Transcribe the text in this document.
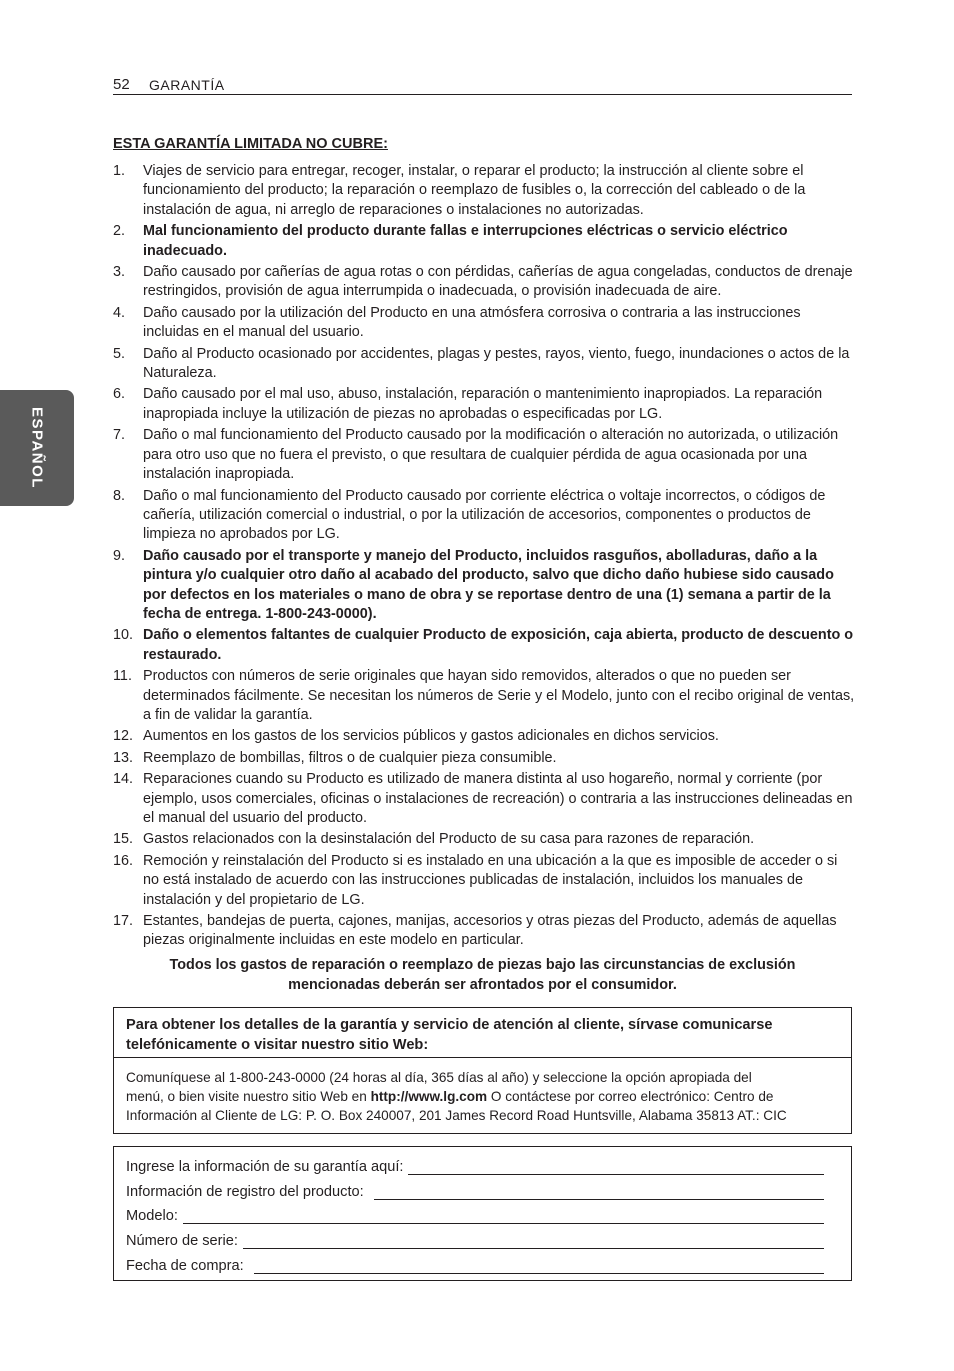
52 GARANTÍA
ESPAÑOL
ESTA GARANTÍA LIMITADA NO CUBRE:
1. Viajes de servicio para entregar, recoger, instalar, o reparar el producto; la instrucción al cliente sobre el funcionamiento del producto; la reparación o reemplazo de fusibles o, la corrección del cableado o de la instalación de agua, ni arreglo de reparaciones o instalaciones no autorizadas.
2. Mal funcionamiento del producto durante fallas e interrupciones eléctricas o servicio eléctrico inadecuado.
3. Daño causado por cañerías de agua rotas o con pérdidas, cañerías de agua congeladas, conductos de drenaje restringidos, provisión de agua interrumpida o inadecuada, o provisión inadecuada de aire.
4. Daño causado por la utilización del Producto en una atmósfera corrosiva o contraria a las instrucciones incluidas en el manual del usuario.
5. Daño al Producto ocasionado por accidentes, plagas y pestes, rayos, viento, fuego, inundaciones o actos de la Naturaleza.
6. Daño causado por el mal uso, abuso, instalación, reparación o mantenimiento inapropiados. La reparación inapropiada incluye la utilización de piezas no aprobadas o especificadas por LG.
7. Daño o mal funcionamiento del Producto causado por la modificación o alteración no autorizada, o utilización para otro uso que no fuera el previsto, o que resultara de cualquier pérdida de agua ocasionada por una instalación inapropiada.
8. Daño o mal funcionamiento del Producto causado por corriente eléctrica o voltaje incorrectos, o códigos de cañería, utilización comercial o industrial, o por la utilización de accesorios, componentes o productos de limpieza no aprobados por LG.
9. Daño causado por el transporte y manejo del Producto, incluidos rasguños, abolladuras, daño a la pintura y/o cualquier otro daño al acabado del producto, salvo que dicho daño hubiese sido causado por defectos en los materiales o mano de obra y se reportase dentro de una (1) semana a partir de la fecha de entrega. 1-800-243-0000).
10. Daño o elementos faltantes de cualquier Producto de exposición, caja abierta, producto de descuento o restaurado.
11. Productos con números de serie originales que hayan sido removidos, alterados o que no pueden ser determinados fácilmente. Se necesitan los números de Serie y el Modelo, junto con el recibo original de ventas, a fin de validar la garantía.
12. Aumentos en los gastos de los servicios públicos y gastos adicionales en dichos servicios.
13. Reemplazo de bombillas, filtros o de cualquier pieza consumible.
14. Reparaciones cuando su Producto es utilizado de manera distinta al uso hogareño, normal y corriente (por ejemplo, usos comerciales, oficinas o instalaciones de recreación) o contraria a las instrucciones delineadas en el manual del usuario del producto.
15. Gastos relacionados con la desinstalación del Producto de su casa para razones de reparación.
16. Remoción y reinstalación del Producto si es instalado en una ubicación a la que es imposible de acceder o si no está instalado de acuerdo con las instrucciones publicadas de instalación, incluidos los manuales de instalación y del propietario de LG.
17. Estantes, bandejas de puerta, cajones, manijas, accesorios y otras piezas del Producto, además de aquellas piezas originalmente incluidas en este modelo en particular.
Todos los gastos de reparación o reemplazo de piezas bajo las circunstancias de exclusión
mencionadas deberán ser afrontados por el consumidor.
Para obtener los detalles de la garantía y servicio de atención al cliente, sírvase comunicarse telefónicamente o visitar nuestro sitio Web:
Comuníquese al 1-800-243-0000 (24 horas al día, 365 días al año) y seleccione la opción apropiada del
menú, o bien visite nuestro sitio Web en http://www.lg.com O contáctese por correo electrónico: Centro de
Información al Cliente de LG: P. O. Box 240007, 201 James Record Road Huntsville, Alabama 35813 AT.: CIC
Ingrese la información de su garantía aquí:
Información de registro del producto:
Modelo:
Número de serie:
Fecha de compra:
